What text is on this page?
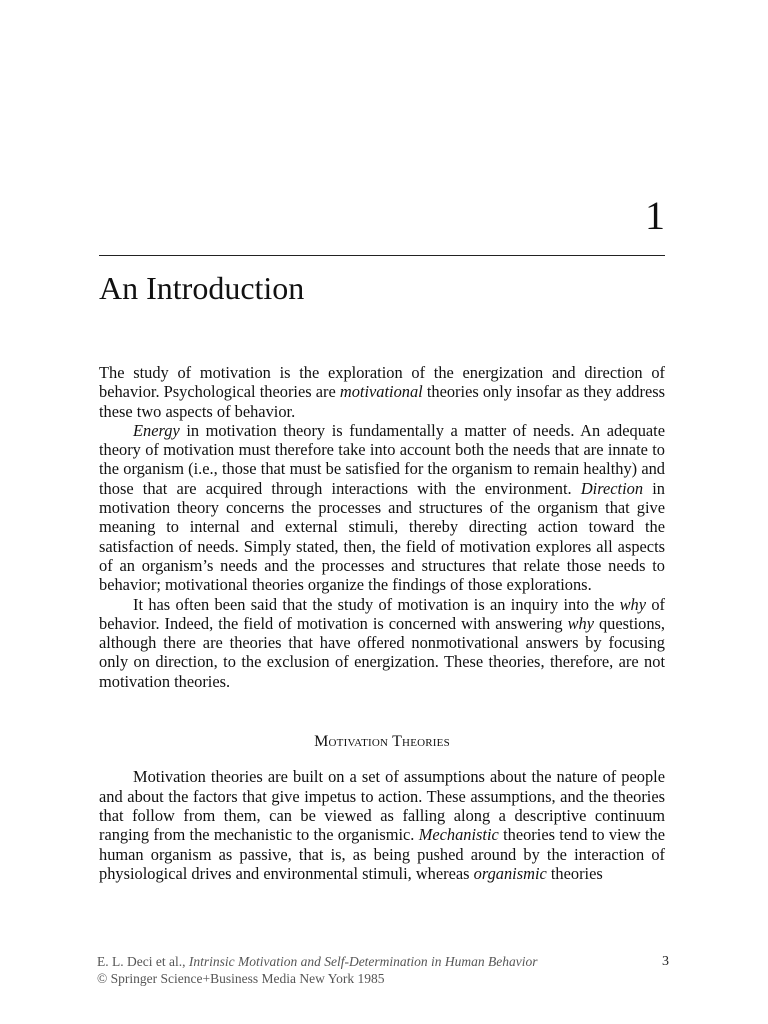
1
An Introduction

The study of motivation is the exploration of the energization and direction of behavior. Psychological theories are motivational theories only insofar as they address these two aspects of behavior.

Energy in motivation theory is fundamentally a matter of needs. An adequate theory of motivation must therefore take into account both the needs that are innate to the organism (i.e., those that must be satisfied for the organism to remain healthy) and those that are acquired through interactions with the environment. Direction in motivation theory concerns the processes and structures of the organism that give meaning to internal and external stimuli, thereby directing action toward the satisfaction of needs. Simply stated, then, the field of motivation explores all aspects of an organism’s needs and the processes and structures that relate those needs to behavior; motivational theories organize the findings of those explorations.

It has often been said that the study of motivation is an inquiry into the why of behavior. Indeed, the field of motivation is concerned with answering why questions, although there are theories that have offered nonmotivational answers by focusing only on direction, to the exclusion of energization. These theories, therefore, are not motivation theories.

Motivation Theories

Motivation theories are built on a set of assumptions about the nature of people and about the factors that give impetus to action. These assumptions, and the theories that follow from them, can be viewed as falling along a descriptive continuum ranging from the mechanistic to the organismic. Mechanistic theories tend to view the human organism as passive, that is, as being pushed around by the interaction of physiological drives and environmental stimuli, whereas organismic theories

E. L. Deci et al., Intrinsic Motivation and Self-Determination in Human Behavior
© Springer Science+Business Media New York 1985
3
